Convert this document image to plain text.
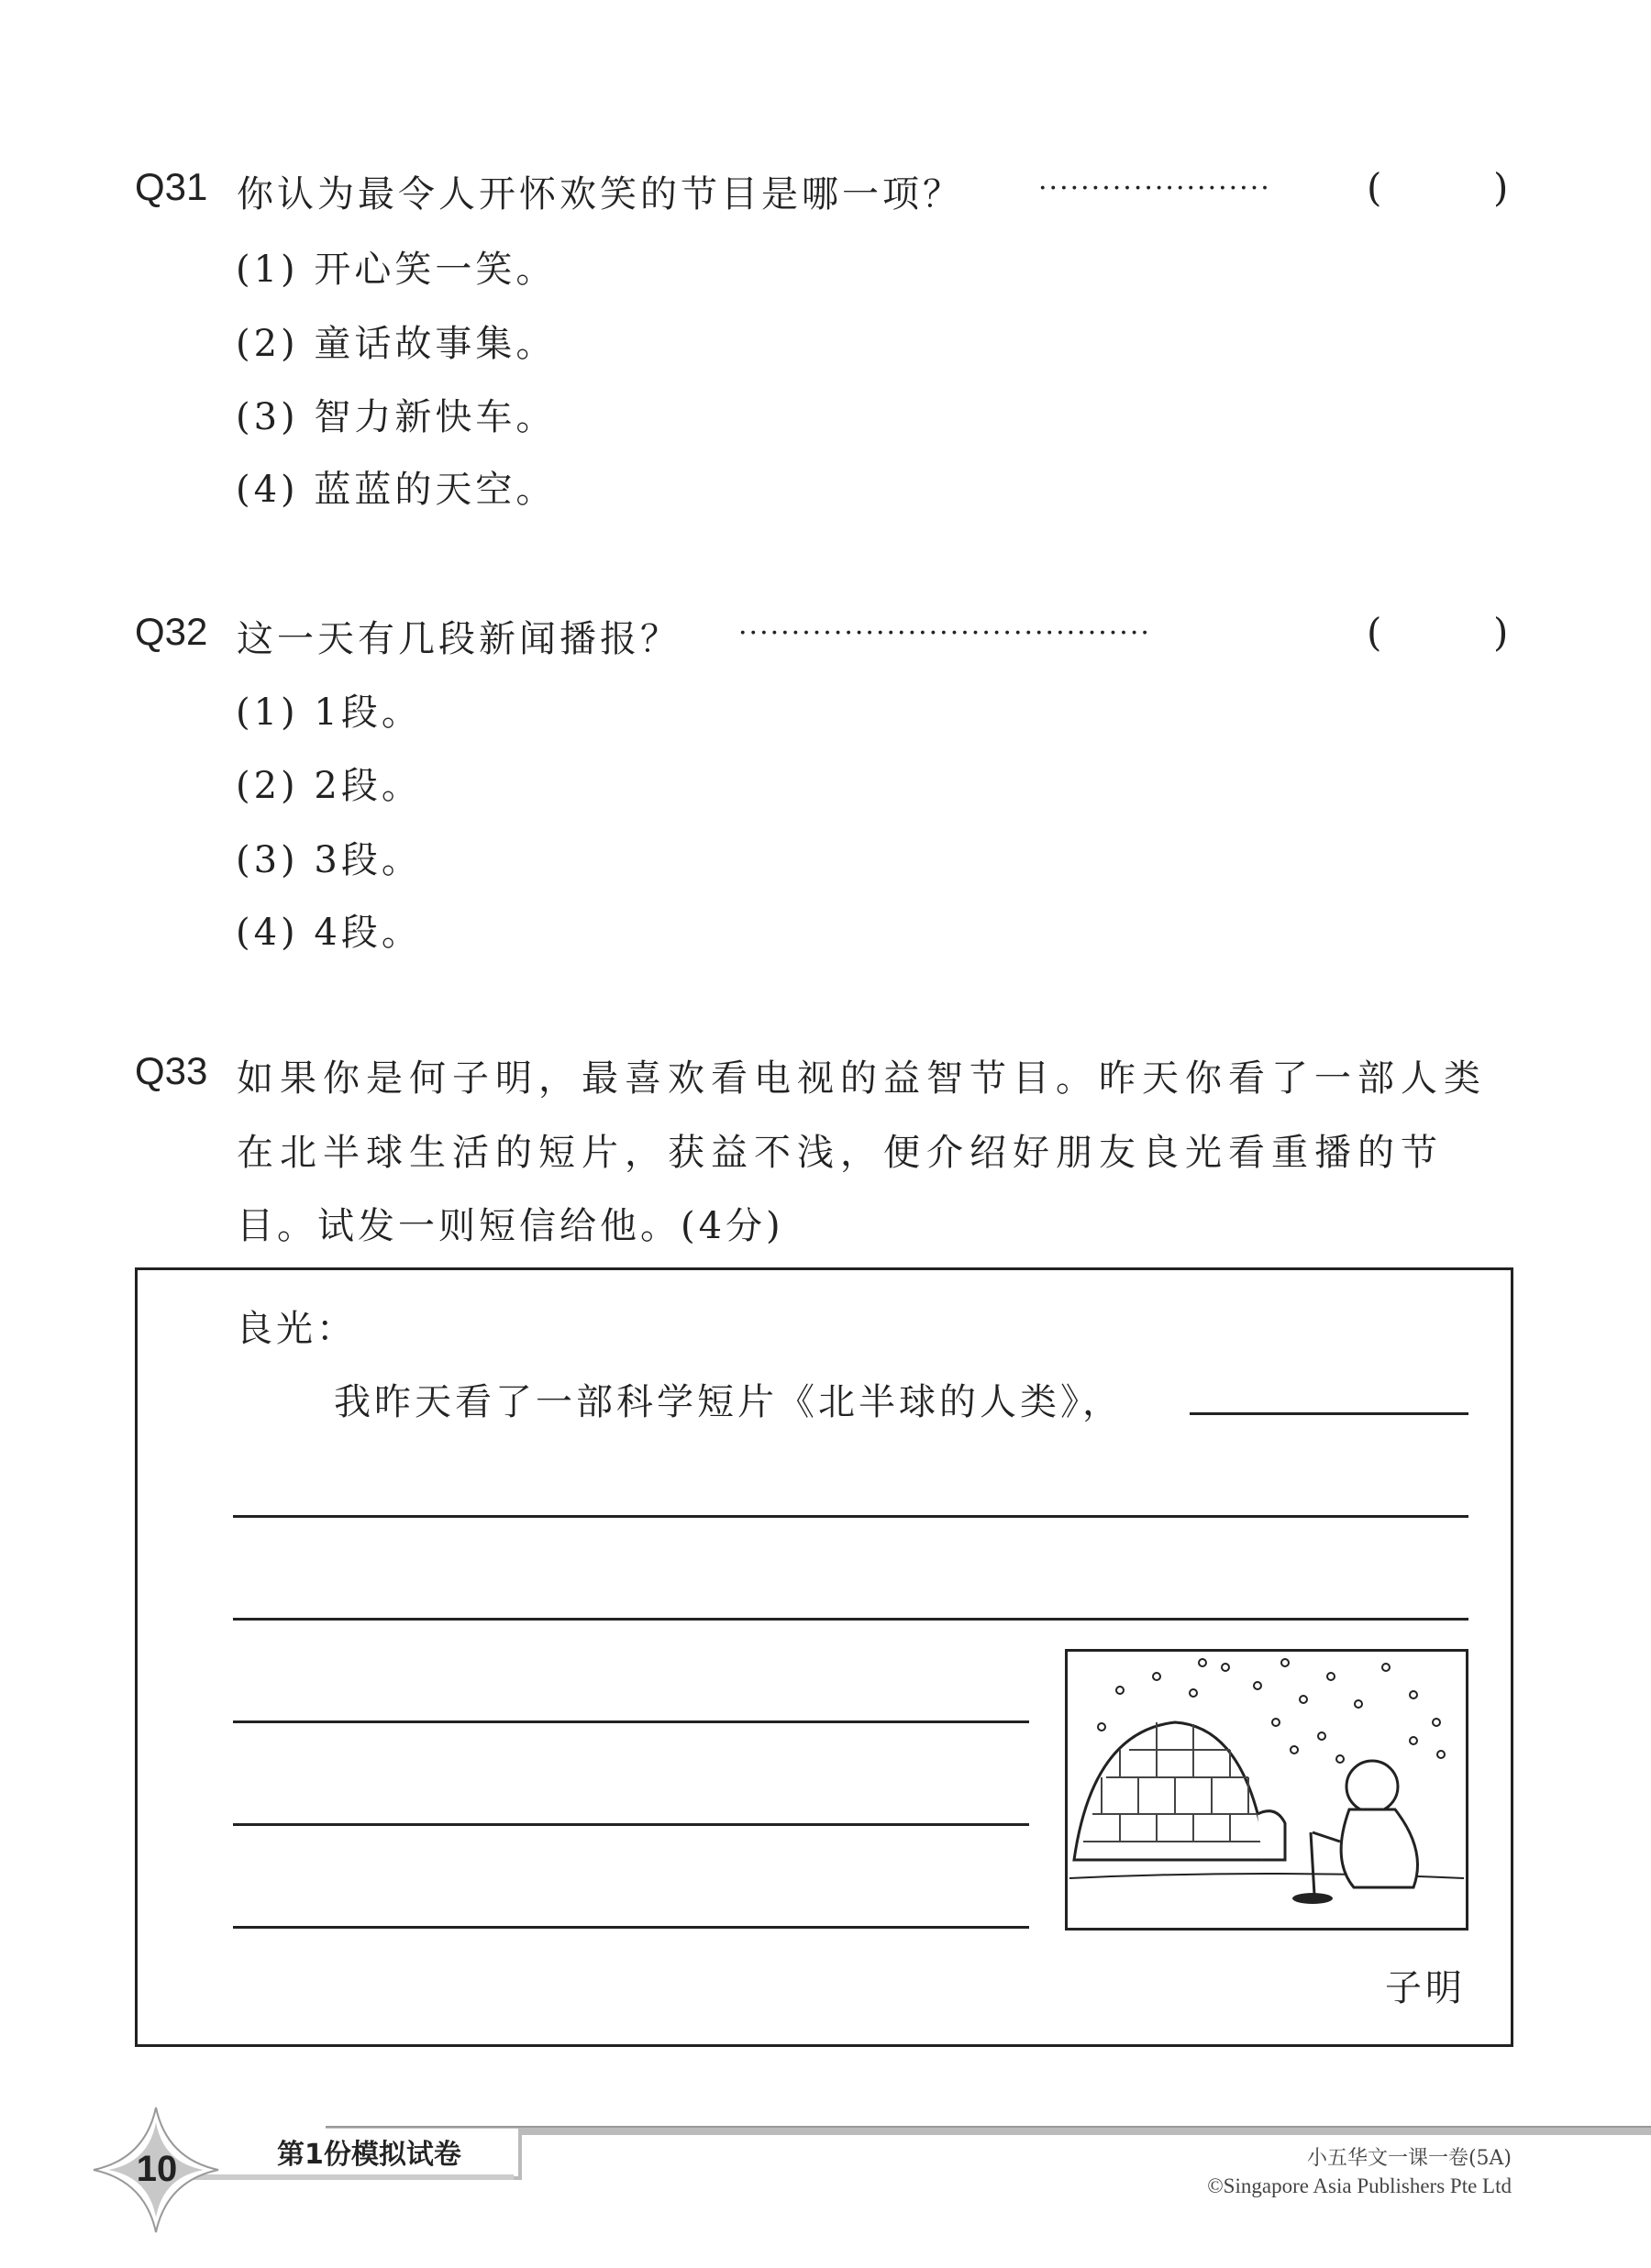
Q31 你认为最令人开怀欢笑的节目是哪一项？	······················ (	)
(1) 开心笑一笑。
(2) 童话故事集。
(3) 智力新快车。
(4) 蓝蓝的天空。
Q32 这一天有几段新闻播报？ ·······································	(	)
(1) 1段。
(2) 2段。
(3) 3段。
(4) 4段。
Q33 如果你是何子明，最喜欢看电视的益智节目。昨天你看了一部人类
在北半球生活的短片，获益不浅，便介绍好朋友良光看重播的节
目。试发一则短信给他。(4分)
良光：
我昨天看了一部科学短片《北半球的人类》，
子明
第1份模拟试卷
10	小五华文一课一卷(5A)
©Singapore Asia Publishers Pte Ltd
